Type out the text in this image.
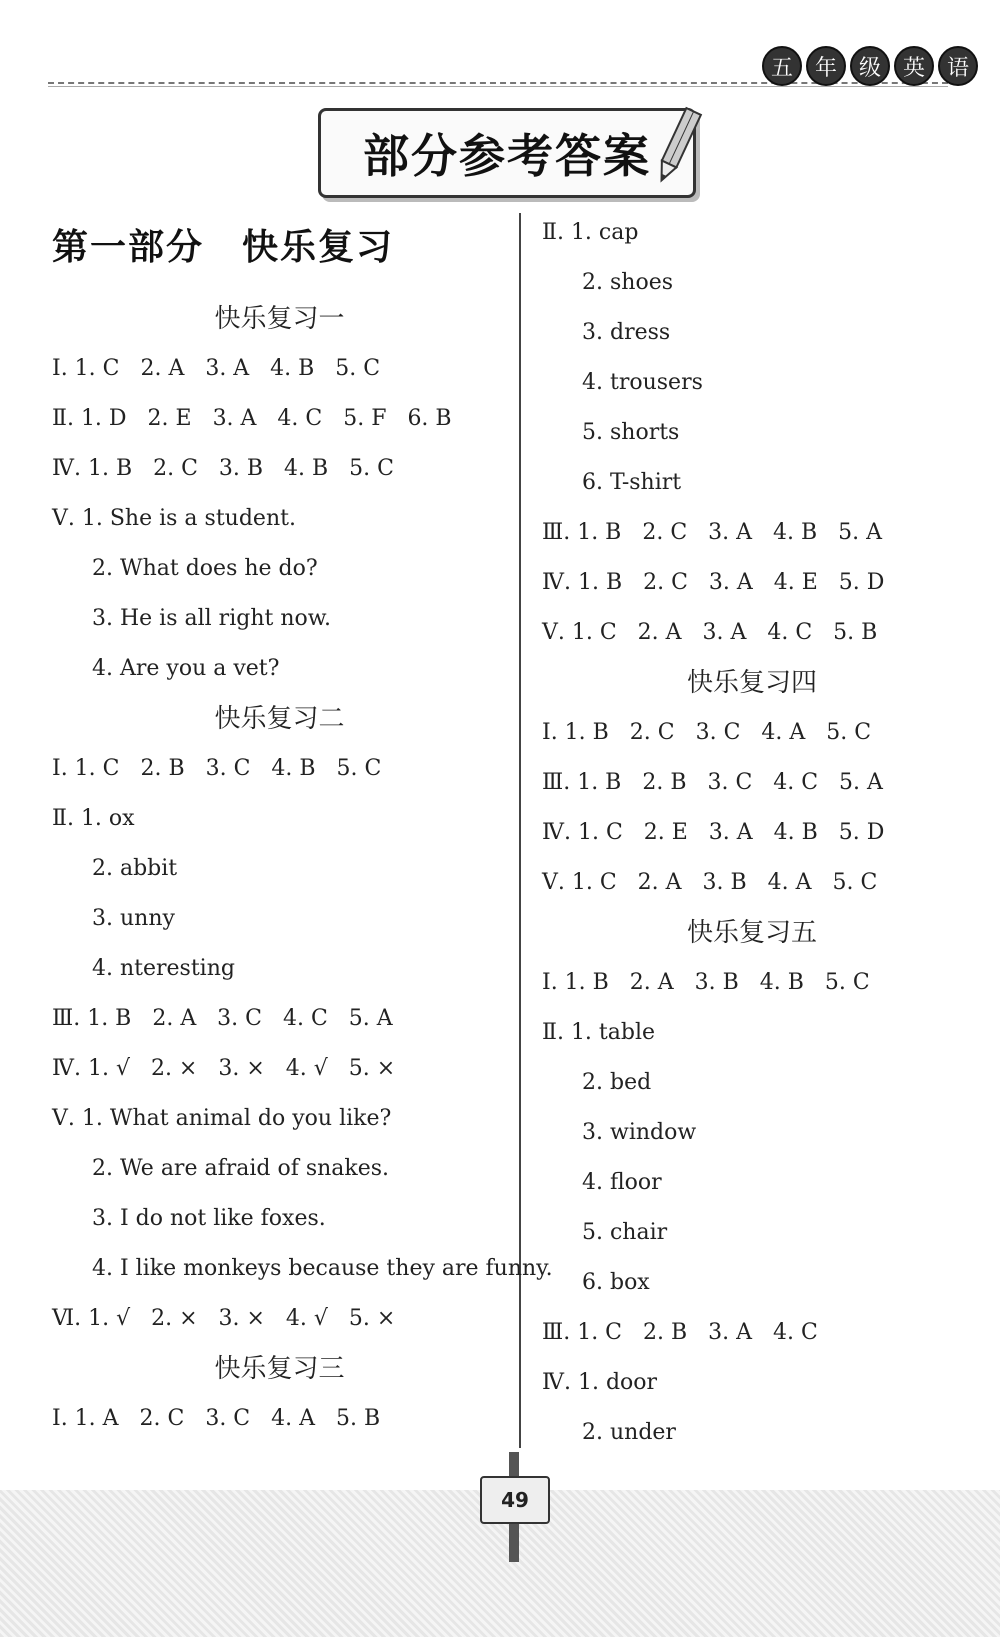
五 年 级 英 语
部分参考答案
第一部分　快乐复习
快乐复习一
Ⅰ. 1. C   2. A   3. A   4. B   5. C
Ⅱ. 1. D   2. E   3. A   4. C   5. F   6. B
Ⅳ. 1. B   2. C   3. B   4. B   5. C
Ⅴ. 1. She is a student.
2. What does he do?
3. He is all right now.
4. Are you a vet?
快乐复习二
Ⅰ. 1. C   2. B   3. C   4. B   5. C
Ⅱ. 1. ox
2. abbit
3. unny
4. nteresting
Ⅲ. 1. B   2. A   3. C   4. C   5. A
Ⅳ. 1. √   2. ×   3. ×   4. √   5. ×
Ⅴ. 1. What animal do you like?
2. We are afraid of snakes.
3. I do not like foxes.
4. I like monkeys because they are funny.
Ⅵ. 1. √   2. ×   3. ×   4. √   5. ×
快乐复习三
Ⅰ. 1. A   2. C   3. C   4. A   5. B
Ⅱ. 1. cap
2. shoes
3. dress
4. trousers
5. shorts
6. T-shirt
Ⅲ. 1. B   2. C   3. A   4. B   5. A
Ⅳ. 1. B   2. C   3. A   4. E   5. D
Ⅴ. 1. C   2. A   3. A   4. C   5. B
快乐复习四
Ⅰ. 1. B   2. C   3. C   4. A   5. C
Ⅲ. 1. B   2. B   3. C   4. C   5. A
Ⅳ. 1. C   2. E   3. A   4. B   5. D
Ⅴ. 1. C   2. A   3. B   4. A   5. C
快乐复习五
Ⅰ. 1. B   2. A   3. B   4. B   5. C
Ⅱ. 1. table
2. bed
3. window
4. floor
5. chair
6. box
Ⅲ. 1. C   2. B   3. A   4. C
Ⅳ. 1. door
2. under
49
